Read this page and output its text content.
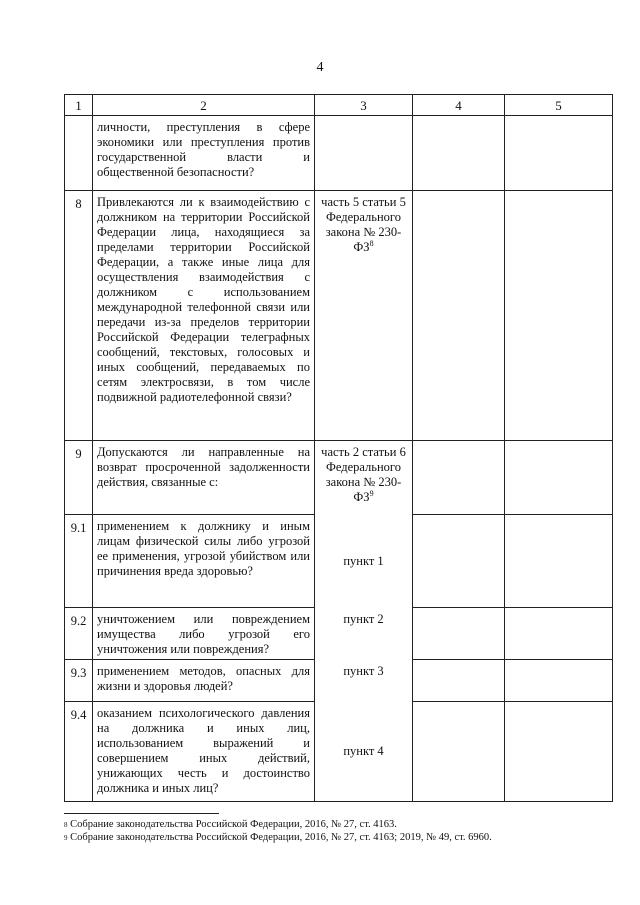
4
1	2	3	4	5
	личности, преступления в сфере экономики или преступления против государственной власти и общественной безопасности?			
8	Привлекаются ли к взаимодействию с должником на территории Российской Федерации лица, находящиеся за пределами территории Российской Федерации, а также иные лица для осуществления взаимодействия с должником с использованием международной телефонной связи или передачи из-за пределов территории Российской Федерации телеграфных сообщений, текстовых, голосовых и иных сообщений, передаваемых по сетям электросвязи, в том числе подвижной радиотелефонной связи?	часть 5 статьи 5 Федерального закона № $230-ФЗ^8$		
9	Допускаются ли направленные на возврат просроченной задолженности действия, связанные с:	часть 2 статьи 6 Федерального закона № $230-ФЗ^9$		
9.1	применением к должнику и иным лицам физической силы либо угрозой ее применения, угрозой убийством или причинения вреда здоровью?	пункт 1		
9.2	уничтожением или повреждением имущества либо угрозой его уничтожения или повреждения?	пункт 2		
9.3	применением методов, опасных для жизни и здоровья людей?	пункт 3		
9.4	оказанием психологического давления на должника и иных лиц, использованием выражений и совершением иных действий, унижающих честь и достоинство должника и иных лиц?	пункт 4		
$^8$ Собрание законодательства Российской Федерации, 2016, № 27, ст. 4163.
$^9$ Собрание законодательства Российской Федерации, 2016, № 27, ст. 4163; 2019, № 49, ст. 6960.
